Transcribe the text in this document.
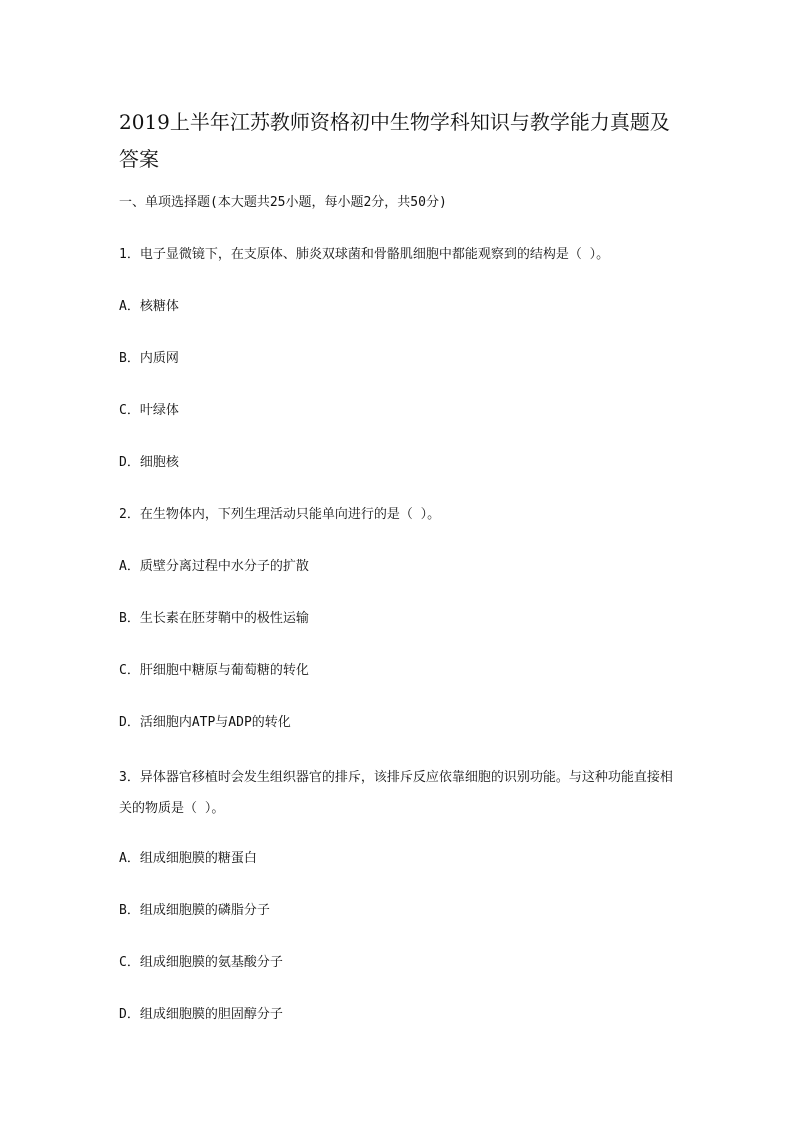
2019上半年江苏教师资格初中生物学科知识与教学能力真题及答案
一、单项选择题(本大题共25小题，每小题2分，共50分)
1．电子显微镜下，在支原体、肺炎双球菌和骨骼肌细胞中都能观察到的结构是（ ）。
A．核糖体
B．内质网
C．叶绿体
D．细胞核
2．在生物体内，下列生理活动只能单向进行的是（ ）。
A．质壁分离过程中水分子的扩散
B．生长素在胚芽鞘中的极性运输
C．肝细胞中糖原与葡萄糖的转化
D．活细胞内ATP与ADP的转化
3．异体器官移植时会发生组织器官的排斥，该排斥反应依靠细胞的识别功能。与这种功能直接相关的物质是（ ）。
A．组成细胞膜的糖蛋白
B．组成细胞膜的磷脂分子
C．组成细胞膜的氨基酸分子
D．组成细胞膜的胆固醇分子
